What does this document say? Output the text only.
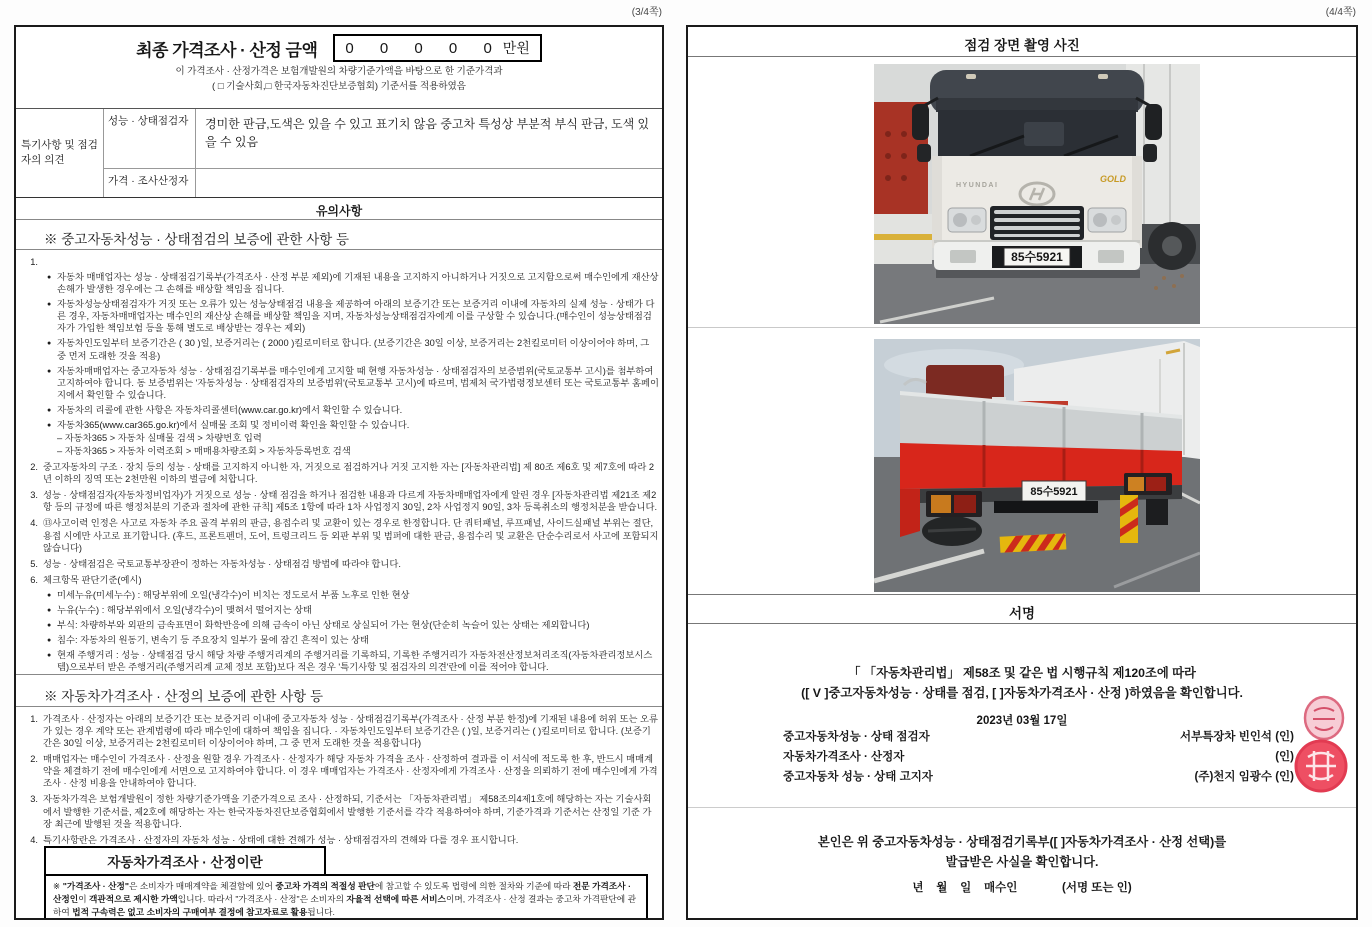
(3/4쪽)	(4/4쪽)
최종 가격조사 · 산정 금액 0 0 0 0 0 만원
이 가격조사 · 산정가격은 보험개발원의 차량기준가액을 바탕으로 한 기준가격과
( □ 기술사회,□ 한국자동차진단보증협회) 기준서를 적용하였음
특기사항 및 점검자의 의견
성능 · 상태점검자	경미한 판금,도색은 있을 수 있고 표기치 않음 중고차 특성상 부분적 부식 판금, 도색 있을 수 있음
가격 · 조사산정자
유의사항
※ 중고자동차성능 · 상태점검의 보증에 관한 사항 등
1.
● 자동차 매매업자는 성능 · 상태점검기록부(가격조사 · 산정 부분 제외)에 기재된 내용을 고지하지 아니하거나 거짓으로 고지함으로써 매수인에게 재산상 손해가 발생한 경우에는 그 손해를 배상할 책임을 집니다.
● 자동차성능상태점검자가 거짓 또는 오류가 있는 성능상태점검 내용을 제공하여 아래의 보증기간 또는 보증거리 이내에 자동차의 실제 성능 · 상태가 다른 경우, 자동차매매업자는 매수인의 재산상 손해를 배상할 책임을 지며, 자동차성능상태점검자에게 이를 구상할 수 있습니다.(매수인이 성능상태점검자가 가입한 책임보험 등을 통해 별도로 배상받는 경우는 제외)
● 자동차인도일부터 보증기간은 ( 30 )일, 보증거리는 ( 2000 )킬로미터로 합니다. (보증기간은 30일 이상, 보증거리는 2천킬로미터 이상이어야 하며, 그 중 먼저 도래한 것을 적용)
● 자동차매매업자는 중고자동차 성능 · 상태점검기록부를 매수인에게 고지할 때 현행 자동차성능 · 상태점검자의 보증범위(국토교통부 고시)를 첨부하여 고지하여야 합니다. 동 보증범위는 '자동차성능 · 상태점검자의 보증범위'(국토교통부 고시)에 따르며, 법제처 국가법령정보센터 또는 국토교통부 홈페이지에서 확인할 수 있습니다.
● 자동차의 리콜에 관한 사항은 자동차리콜센터(www.car.go.kr)에서 확인할 수 있습니다.
● 자동차365(www.car365.go.kr)에서 실매물 조회 및 정비이력 확인을 확인할 수 있습니다.
– 자동차365 > 자동차 실매물 검색 > 차량번호 입력
– 자동차365 > 자동차 이력조회 > 매매용차량조회 > 자동차등록번호 검색
2. 중고자동차의 구조 · 장치 등의 성능 · 상태를 고지하지 아니한 자, 거짓으로 점검하거나 거짓 고지한 자는 [자동차관리법] 제 80조 제6호 및 제7호에 따라 2년 이하의 징역 또는 2천만원 이하의 벌금에 처합니다.
3. 성능 · 상태점검자(자동차정비업자)가 거짓으로 성능 · 상태 점검을 하거나 점검한 내용과 다르게 자동차매매업자에게 알린 경우 [자동차관리법 제21조 제2항 등의 규정에 따른 행정처분의 기준과 절차에 관한 규칙] 제5조 1항에 따라 1차 사업정지 30일, 2차 사업정지 90일, 3차 등록취소의 행정처분을 받습니다.
4. ⑬사고이력 인정은 사고로 자동차 주요 골격 부위의 판금, 용접수리 및 교환이 있는 경우로 한정합니다. 단 쿼터패널, 루프패널, 사이드실패널 부위는 절단, 용접 시에만 사고로 표기합니다. (후드, 프론트펜더, 도어, 트렁크리드 등 외판 부위 및 범퍼에 대한 판금, 용접수리 및 교환은 단순수리로서 사고에 포함되지 않습니다)
5. 성능 · 상태점검은 국토교통부장관이 정하는 자동차성능 · 상태점검 방법에 따라야 합니다.
6. 체크항목 판단기준(예시)
● 미세누유(미세누수) : 해당부위에 오일(냉각수)이 비치는 정도로서 부품 노후로 인한 현상
● 누유(누수) : 해당부위에서 오일(냉각수)이 맺혀서 떨어지는 상태
● 부식: 차량하부와 외판의 금속표면이 화학반응에 의해 금속이 아닌 상태로 상실되어 가는 현상(단순히 녹슬어 있는 상태는 제외합니다)
● 침수: 자동차의 원동기, 변속기 등 주요장치 일부가 물에 잠긴 흔적이 있는 상태
● 현재 주행거리 : 성능 · 상태점검 당시 해당 차량 주행거리계의 주행거리를 기록하되, 기록한 주행거리가 자동차전산정보처리조직(자동차관리정보시스템)으로부터 받은 주행거리(주행거리계 교체 정보 포함)보다 적은 경우 '특기사항 및 점검자의 의견'란에 이를 적어야 합니다.
※ 자동차가격조사 · 산정의 보증에 관한 사항 등
1. 가격조사 · 산정자는 아래의 보증기간 또는 보증거리 이내에 중고자동차 성능 · 상태점검기록부(가격조사 · 산정 부분 한정)에 기재된 내용에 허위 또는 오류가 있는 경우 계약 또는 관계법령에 따라 매수인에 대하여 책임을 집니다. · 자동차인도일부터 보증기간은 ( )일, 보증거리는 ( )킬로미터로 합니다. (보증기간은 30일 이상, 보증거리는 2천킬로미터 이상이어야 하며, 그 중 먼저 도래한 것을 적용합니다)
2. 매매업자는 매수인이 가격조사 · 산정을 원할 경우 가격조사 · 산정자가 해당 자동차 가격을 조사 · 산정하여 결과를 이 서식에 적도록 한 후, 반드시 매매계약을 체결하기 전에 매수인에게 서면으로 고지하여야 합니다. 이 경우 매매업자는 가격조사 · 산정자에게 가격조사 · 산정을 의뢰하기 전에 매수인에게 가격조사 · 산정 비용을 안내하여야 합니다.
3. 자동차가격은 보험개발원이 정한 차량기준가액을 기준가격으로 조사 · 산정하되, 기준서는 「자동차관리법」 제58조의4제1호에 해당하는 자는 기술사회에서 발행한 기준서를, 제2호에 해당하는 자는 한국자동차진단보증협회에서 발행한 기준서를 각각 적용하여야 하며, 기준가격과 기준서는 산정일 기준 가장 최근에 발행된 것을 적용합니다.
4. 특기사항란은 가격조사 · 산정자의 자동차 성능 · 상태에 대한 견해가 성능 · 상태점검자의 견해와 다를 경우 표시합니다.
자동차가격조사 · 산정이란
※ "가격조사 · 산정"은 소비자가 매매계약을 체결함에 있어 중고차 가격의 적절성 판단에 참고할 수 있도록 법령에 의한 절차와 기준에 따라 전문 가격조사 · 산정인이 객관적으로 제시한 가액입니다. 따라서 "가격조사 · 산정"은 소비자의 자율적 선택에 따른 서비스이며, 가격조사 · 산정 결과는 중고차 가격판단에 관하여 법적 구속력은 없고 소비자의 구매여부 결정에 참고자료로 활용됩니다.
점검 장면 촬영 사진
HYUNDAI
GOLD
85수5921
85수5921
서명
「 「자동차관리법」 제58조 및 같은 법 시행규칙 제120조에 따라
([ V ]중고자동차성능 · 상태를 점검, [ ]자동차가격조사 · 산정 )하였음을 확인합니다.
2023년 03월 17일
중고자동차성능 · 상태 점검자	서부특장차 빈인석 (인)
자동차가격조사 · 산정자	(인)
중고자동차 성능 · 상태 고지자	(주)천지 임광수 (인)
본인은 위 중고자동차성능 · 상태점검기록부([ ]자동차가격조사 · 산정 선택)를
발급받은 사실을 확인합니다.
년    월    일    매수인              (서명 또는 인)
